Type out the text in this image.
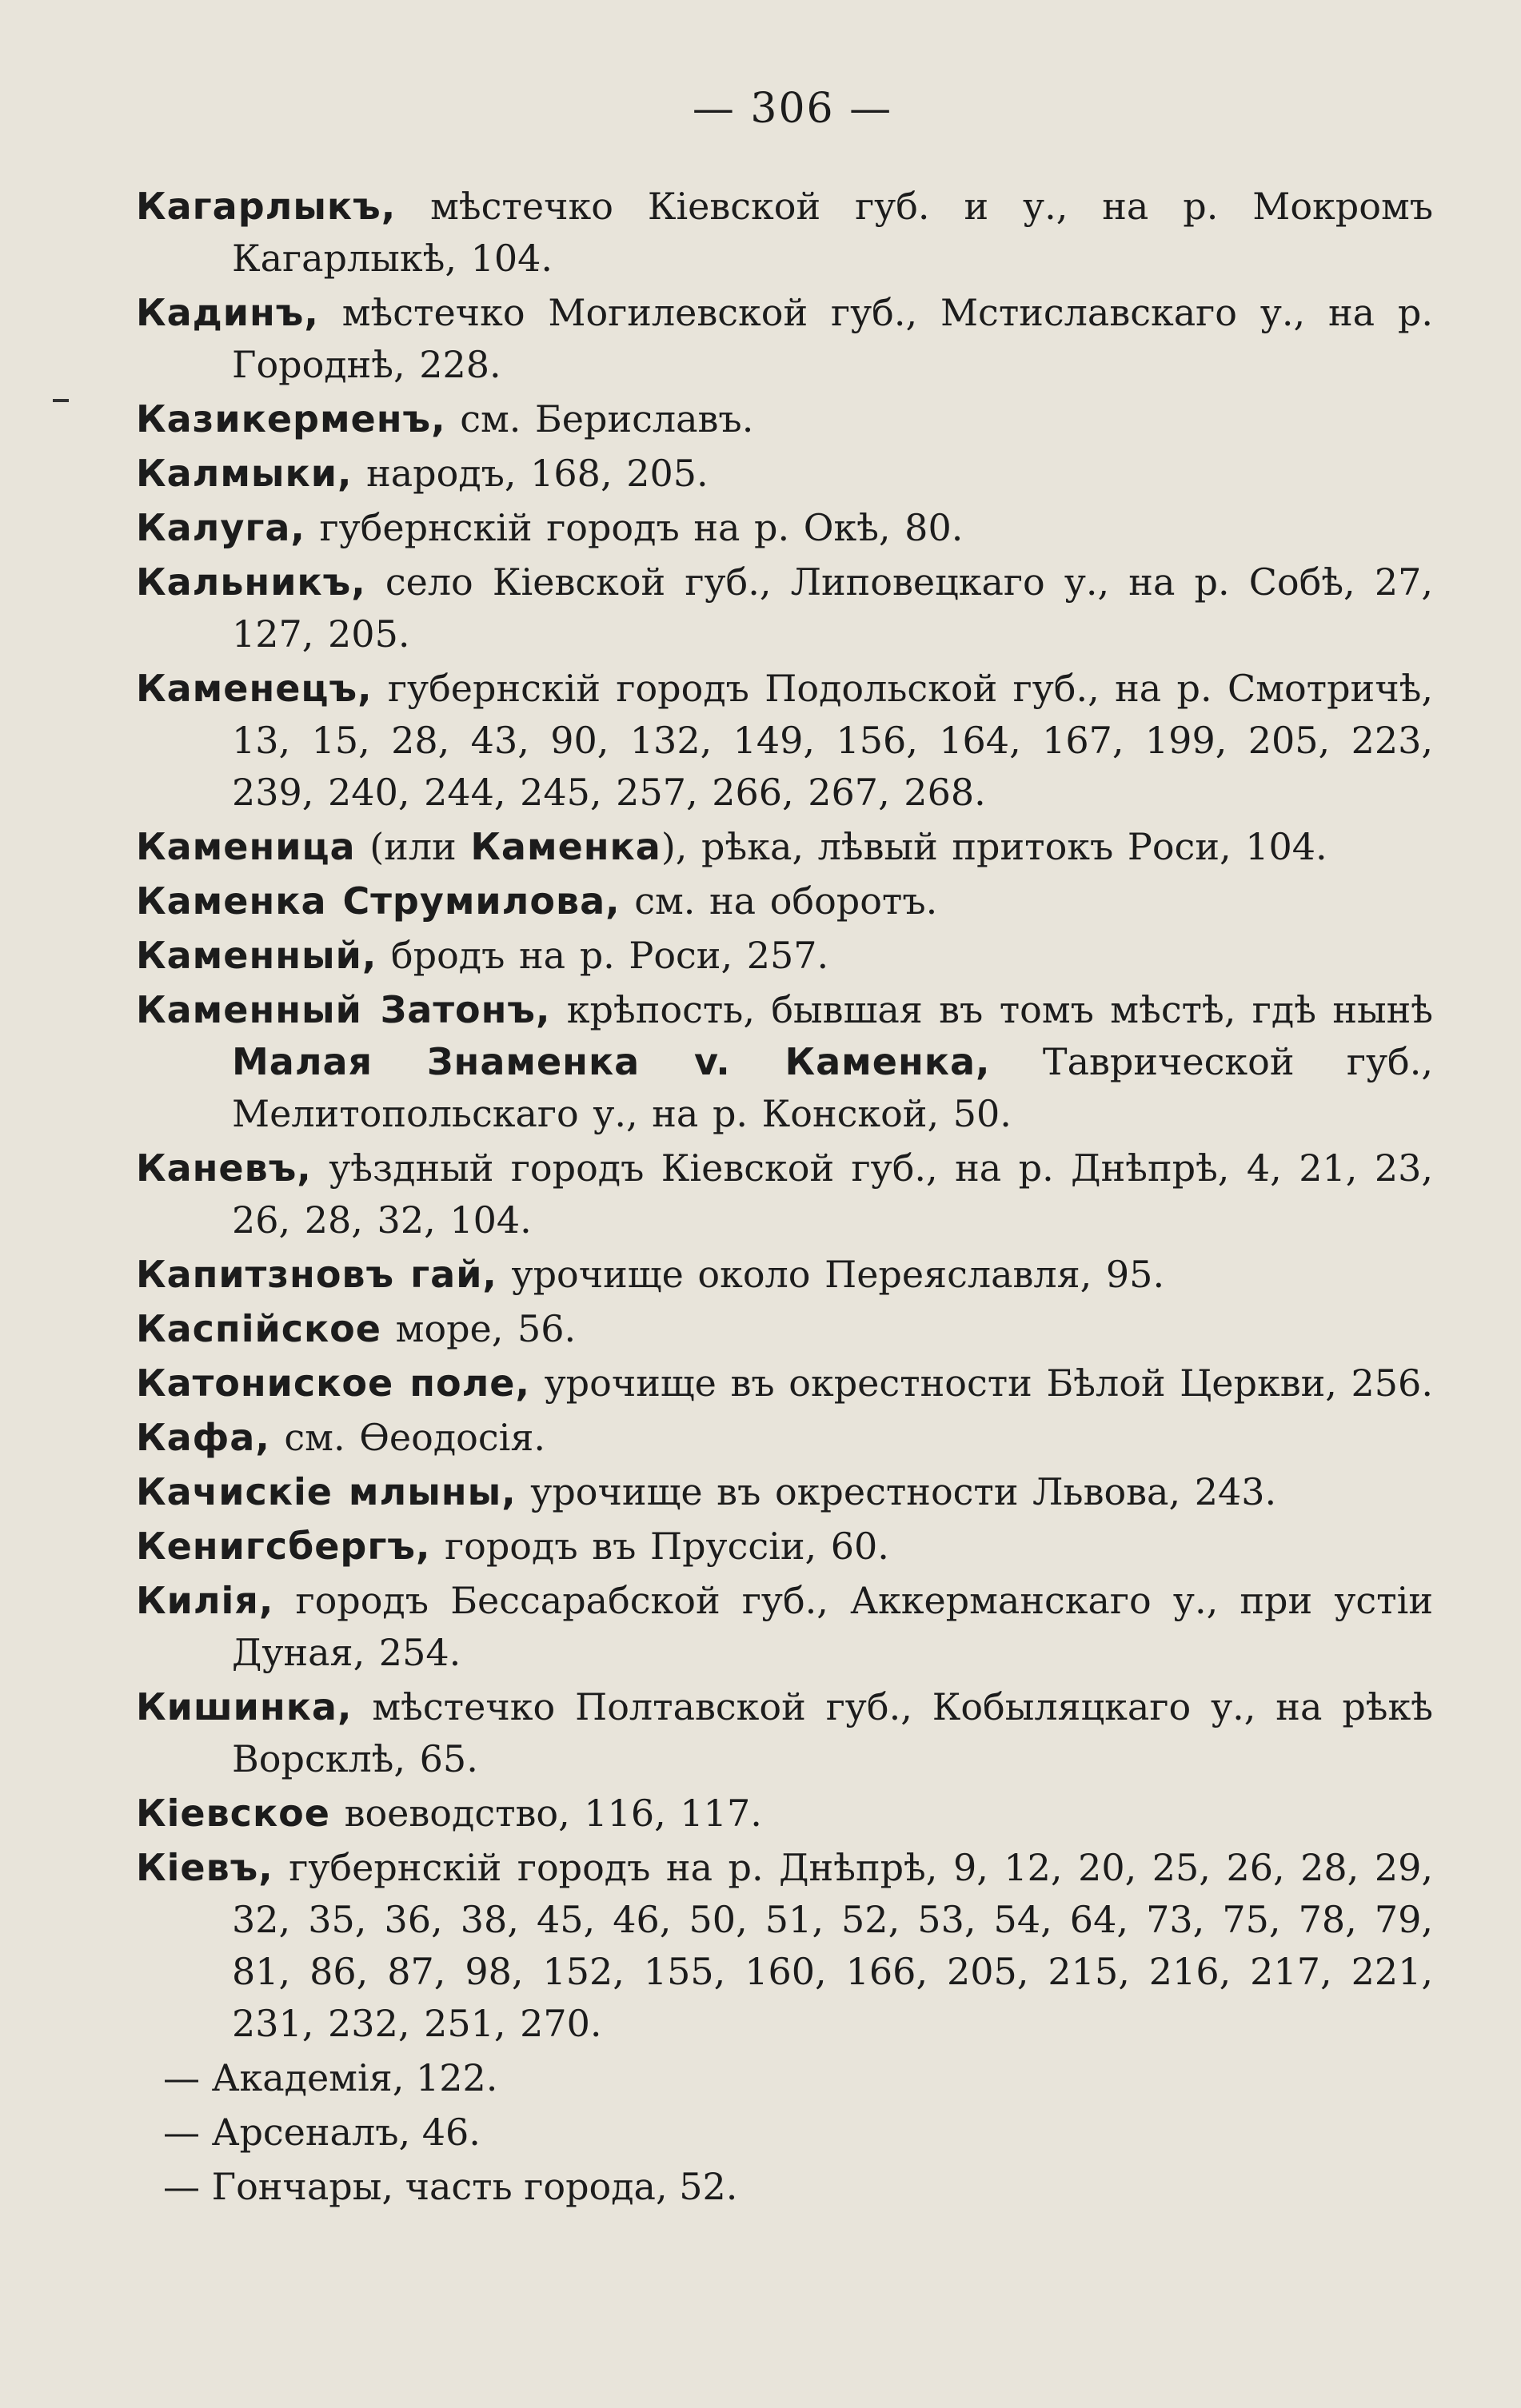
— 306 —

Кагарлыкъ, мѣстечко Кіевской губ. и у., на р. Мокромъ Кагарлыкѣ, 104.

Кадинъ, мѣстечко Могилевской губ., Мстиславскаго у., на р. Городнѣ, 228.

Казикерменъ, см. Бериславъ.

Калмыки, народъ, 168, 205.

Калуга, губернскій городъ на р. Окѣ, 80.

Кальникъ, село Кіевской губ., Липовецкаго у., на р. Собѣ, 27, 127, 205.

Каменецъ, губернскій городъ Подольской губ., на р. Смотричѣ, 13, 15, 28, 43, 90, 132, 149, 156, 164, 167, 199, 205, 223, 239, 240, 244, 245, 257, 266, 267, 268.

Каменица (или Каменка), рѣка, лѣвый притокъ Роси, 104.

Каменка Струмилова, см. на оборотъ.

Каменный, бродъ на р. Роси, 257.

Каменный Затонъ, крѣпость, бывшая въ томъ мѣстѣ, гдѣ нынѣ Малая Знаменка v. Каменка, Таврической губ., Мелитопольскаго у., на р. Конской, 50.

Каневъ, уѣздный городъ Кіевской губ., на р. Днѣпрѣ, 4, 21, 23, 26, 28, 32, 104.

Капитзновъ гай, урочище около Переяславля, 95.

Каспійское море, 56.

Катониское поле, урочище въ окрестности Бѣлой Церкви, 256.

Кафа, см. Ѳеодосія.

Качискіе млыны, урочище въ окрестности Львова, 243.

Кенигсбергъ, городъ въ Пруссіи, 60.

Килія, городъ Бессарабской губ., Аккерманскаго у., при устіи Дуная, 254.

Кишинка, мѣстечко Полтавской губ., Кобыляцкаго у., на рѣкѣ Ворсклѣ, 65.

Кіевское воеводство, 116, 117.

Кіевъ, губернскій городъ на р. Днѣпрѣ, 9, 12, 20, 25, 26, 28, 29, 32, 35, 36, 38, 45, 46, 50, 51, 52, 53, 54, 64, 73, 75, 78, 79, 81, 86, 87, 98, 152, 155, 160, 166, 205, 215, 216, 217, 221, 231, 232, 251, 270.

— Академія, 122.

— Арсеналъ, 46.

— Гончары, часть города, 52.
